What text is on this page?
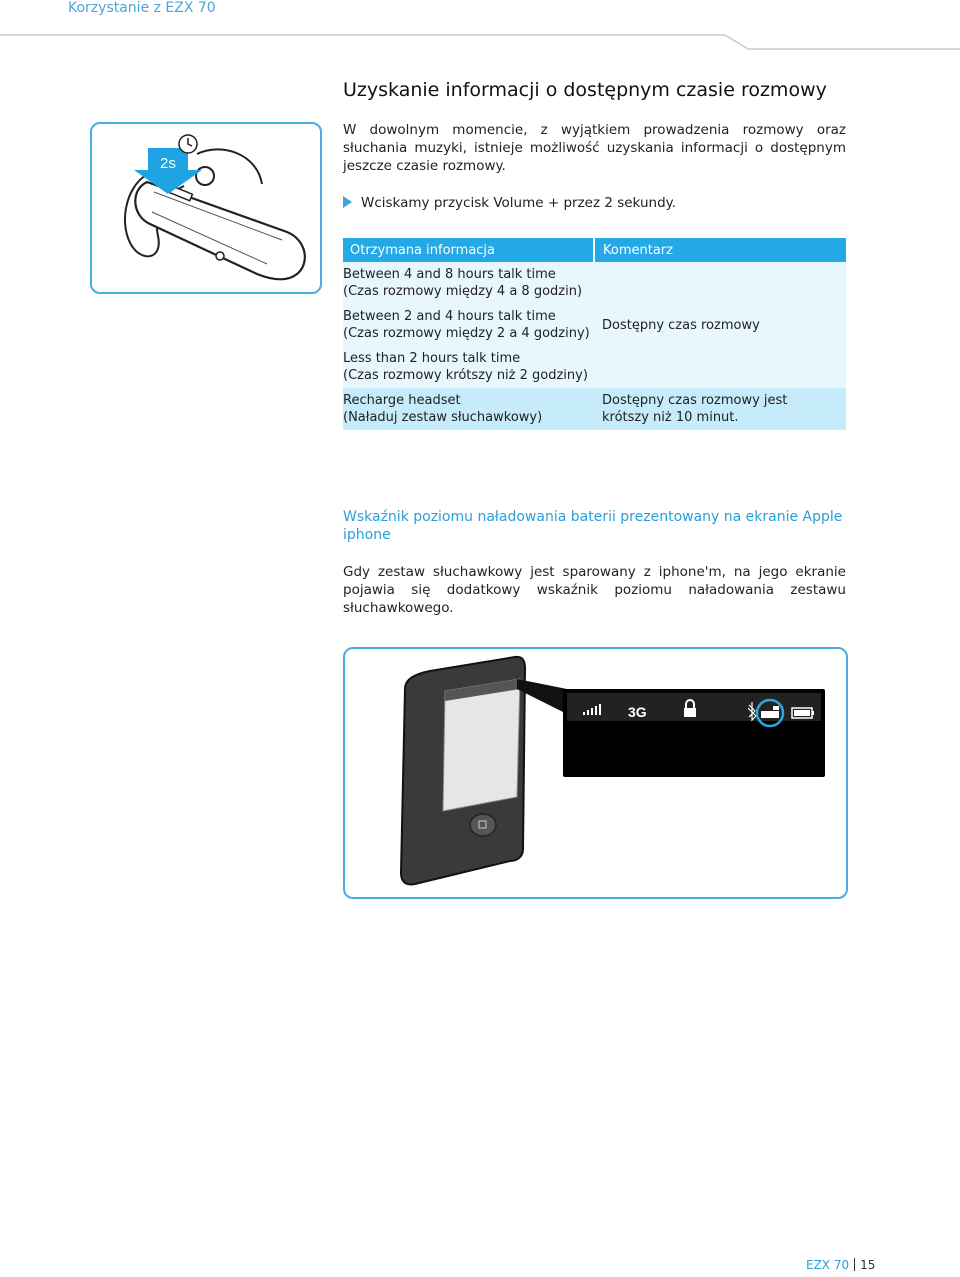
Korzystanie z EZX 70
Uzyskanie informacji o dostępnym czasie rozmowy
2s
W dowolnym momencie, z wyjątkiem prowadzenia rozmowy oraz słuchania muzyki, istnieje możliwość uzyskania informacji o dostępnym jeszcze czasie rozmowy.
Wciskamy przycisk Volume + przez 2 sekundy.
Otrzymana informacja	Komentarz

Between 4 and 8 hours talk time
(Czas rozmowy między 4 a 8 godzin)	Dostępny czas rozmowy

Between 2 and 4 hours talk time
(Czas rozmowy między 2 a 4 godziny)	

Less than 2 hours talk time
(Czas rozmowy krótszy niż 2 godziny)	

Recharge headset
(Naładuj zestaw słuchawkowy)	Dostępny czas rozmowy jest krótszy niż 10 minut.
Wskaźnik poziomu naładowania baterii prezentowany na ekranie Apple iphone
Gdy zestaw słuchawkowy jest sparowany z iphone'm, na jego ekranie pojawia się dodatkowy wskaźnik poziomu naładowania zestawu słuchawkowego.
3G
EZX 70 15
